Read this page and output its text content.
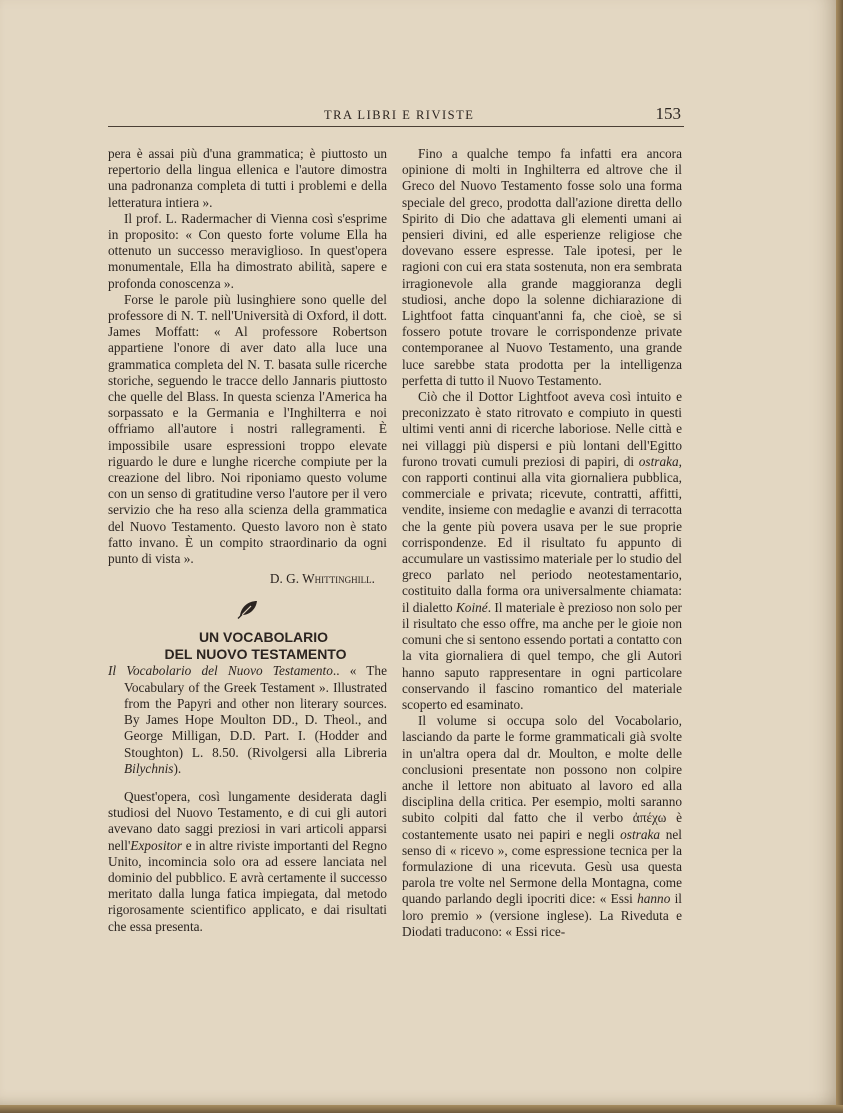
TRA LIBRI E RIVISTE	153

pera è assai più d'una grammatica; è piuttosto un repertorio della lingua ellenica e l'autore dimostra una padronanza completa di tutti i problemi e della letteratura intiera ».

Il prof. L. Radermacher di Vienna così s'esprime in proposito: « Con questo forte volume Ella ha ottenuto un successo meraviglioso. In quest'opera monumentale, Ella ha dimostrato abilità, sapere e profonda conoscenza ».

Forse le parole più lusinghiere sono quelle del professore di N. T. nell'Università di Oxford, il dott. James Moffatt: « Al professore Robertson appartiene l'onore di aver dato alla luce una grammatica completa del N. T. basata sulle ricerche storiche, seguendo le tracce dello Jannaris piuttosto che quelle del Blass. In questa scienza l'America ha sorpassato e la Germania e l'Inghilterra e noi offriamo all'autore i nostri rallegramenti. È impossibile usare espressioni troppo elevate riguardo le dure e lunghe ricerche compiute per la creazione del libro. Noi riponiamo questo volume con un senso di gratitudine verso l'autore per il vero servizio che ha reso alla scienza della grammatica del Nuovo Testamento. Questo lavoro non è stato fatto invano. È un compito straordinario da ogni punto di vista ».

D. G. Whittinghill.

UN VOCABOLARIO
DEL NUOVO TESTAMENTO

Il Vocabolario del Nuovo Testamento.. « The Vocabulary of the Greek Testament ». Illustrated from the Papyri and other non literary sources. By James Hope Moulton DD., D. Theol., and George Milligan, D.D. Part. I. (Hodder and Stoughton) L. 8.50. (Rivolgersi alla Libreria Bilychnis).

Quest'opera, così lungamente desiderata dagli studiosi del Nuovo Testamento, e di cui gli autori avevano dato saggi preziosi in vari articoli apparsi nell'Expositor e in altre riviste importanti del Regno Unito, incomincia solo ora ad essere lanciata nel dominio del pubblico. E avrà certamente il successo meritato dalla lunga fatica impiegata, dal metodo rigorosamente scientifico applicato, e dai risultati che essa presenta.

Fino a qualche tempo fa infatti era ancora opinione di molti in Inghilterra ed altrove che il Greco del Nuovo Testamento fosse solo una forma speciale del greco, prodotta dall'azione diretta dello Spirito di Dio che adattava gli elementi umani ai pensieri divini, ed alle esperienze religiose che dovevano essere espresse. Tale ipotesi, per le ragioni con cui era stata sostenuta, non era sembrata irragionevole alla grande maggioranza degli studiosi, anche dopo la solenne dichiarazione di Lightfoot fatta cinquant'anni fa, che cioè, se si fossero potute trovare le corrispondenze private contemporanee al Nuovo Testamento, una grande luce sarebbe stata prodotta per la intelligenza perfetta di tutto il Nuovo Testamento.

Ciò che il Dottor Lightfoot aveva così intuito e preconizzato è stato ritrovato e compiuto in questi ultimi venti anni di ricerche laboriose. Nelle città e nei villaggi più dispersi e più lontani dell'Egitto furono trovati cumuli preziosi di papiri, di ostraka, con rapporti continui alla vita giornaliera pubblica, commerciale e privata; ricevute, contratti, affitti, vendite, insieme con medaglie e avanzi di terracotta che la gente più povera usava per le sue proprie corrispondenze. Ed il risultato fu appunto di accumulare un vastissimo materiale per lo studio del greco parlato nel periodo neotestamentario, costituito dalla forma ora universalmente chiamata: il dialetto Koiné. Il materiale è prezioso non solo per il risultato che esso offre, ma anche per le gioie non comuni che si sentono essendo portati a contatto con la vita giornaliera di quel tempo, che gli Autori hanno saputo rappresentare in ogni particolare conservando il fascino romantico del materiale scoperto ed esaminato.

Il volume si occupa solo del Vocabolario, lasciando da parte le forme grammaticali già svolte in un'altra opera dal dr. Moulton, e molte delle conclusioni presentate non possono non colpire anche il lettore non abituato al lavoro ed alla disciplina della critica. Per esempio, molti saranno subito colpiti dal fatto che il verbo ἀπέχω è costantemente usato nei papiri e negli ostraka nel senso di « ricevo », come espressione tecnica per la formulazione di una ricevuta. Gesù usa questa parola tre volte nel Sermone della Montagna, come quando parlando degli ipocriti dice: « Essi hanno il loro premio » (versione inglese). La Riveduta e Diodati traducono: « Essi rice-
